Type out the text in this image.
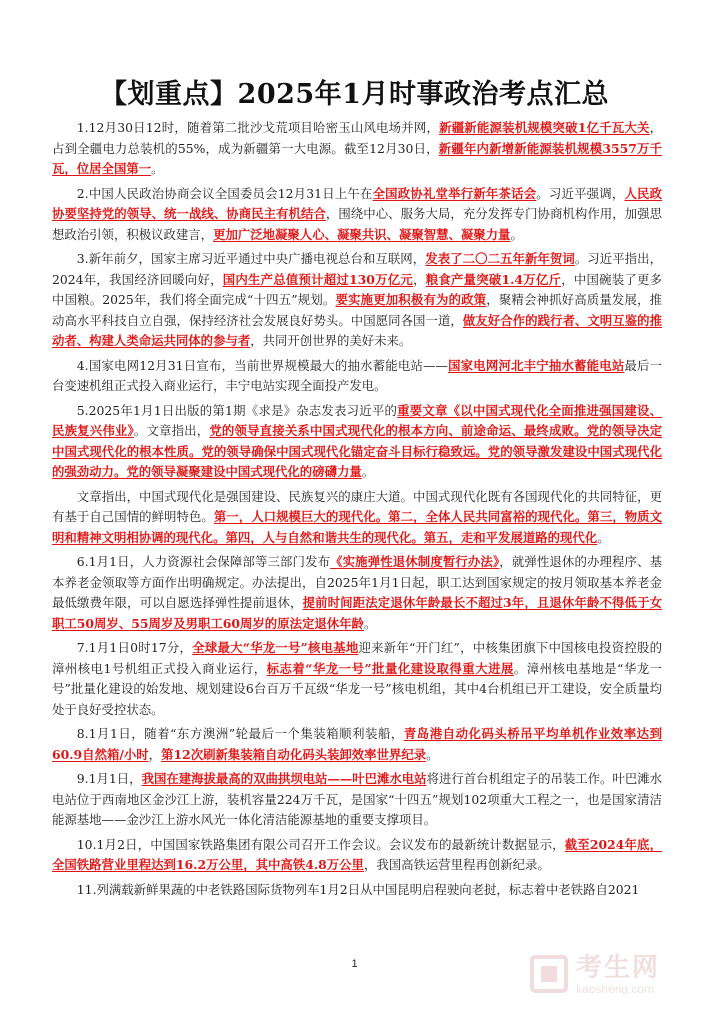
【划重点】2025年1月时事政治考点汇总

1.12月30日12时，随着第二批沙戈荒项目哈密玉山风电场并网，新疆新能源装机规模突破1亿千瓦大关，占到全疆电力总装机的55%，成为新疆第一大电源。截至12月30日，新疆年内新增新能源装机规模3557万千瓦，位居全国第一。

2.中国人民政治协商会议全国委员会12月31日上午在全国政协礼堂举行新年茶话会。习近平强调，人民政协要坚持党的领导、统一战线、协商民主有机结合，围绕中心、服务大局，充分发挥专门协商机构作用，加强思想政治引领，积极议政建言，更加广泛地凝聚人心、凝聚共识、凝聚智慧、凝聚力量。

3.新年前夕，国家主席习近平通过中央广播电视总台和互联网，发表了二〇二五年新年贺词。习近平指出，2024年，我国经济回暖向好，国内生产总值预计超过130万亿元，粮食产量突破1.4万亿斤，中国碗装了更多中国粮。2025年，我们将全面完成“十四五”规划。要实施更加积极有为的政策，聚精会神抓好高质量发展，推动高水平科技自立自强，保持经济社会发展良好势头。中国愿同各国一道，做友好合作的践行者、文明互鉴的推动者、构建人类命运共同体的参与者，共同开创世界的美好未来。

4.国家电网12月31日宣布，当前世界规模最大的抽水蓄能电站——国家电网河北丰宁抽水蓄能电站最后一台变速机组正式投入商业运行，丰宁电站实现全面投产发电。

5.2025年1月1日出版的第1期《求是》杂志发表习近平的重要文章《以中国式现代化全面推进强国建设、民族复兴伟业》。文章指出，党的领导直接关系中国式现代化的根本方向、前途命运、最终成败。党的领导决定中国式现代化的根本性质。党的领导确保中国式现代化锚定奋斗目标行稳致远。党的领导激发建设中国式现代化的强劲动力。党的领导凝聚建设中国式现代化的磅礴力量。

文章指出，中国式现代化是强国建设、民族复兴的康庄大道。中国式现代化既有各国现代化的共同特征，更有基于自己国情的鲜明特色。第一，人口规模巨大的现代化。第二，全体人民共同富裕的现代化。第三，物质文明和精神文明相协调的现代化。第四，人与自然和谐共生的现代化。第五，走和平发展道路的现代化。

6.1月1日，人力资源社会保障部等三部门发布《实施弹性退休制度暂行办法》，就弹性退休的办理程序、基本养老金领取等方面作出明确规定。办法提出，自2025年1月1日起，职工达到国家规定的按月领取基本养老金最低缴费年限，可以自愿选择弹性提前退休，提前时间距法定退休年龄最长不超过3年，且退休年龄不得低于女职工50周岁、55周岁及男职工60周岁的原法定退休年龄。

7.1月1日0时17分，全球最大“华龙一号”核电基地迎来新年“开门红”，中核集团旗下中国核电投资控股的漳州核电1号机组正式投入商业运行，标志着“华龙一号”批量化建设取得重大进展。漳州核电基地是“华龙一号”批量化建设的始发地、规划建设6台百万千瓦级“华龙一号”核电机组，其中4台机组已开工建设，安全质量均处于良好受控状态。

8.1月1日，随着“东方澳洲”轮最后一个集装箱顺利装船，青岛港自动化码头桥吊平均单机作业效率达到60.9自然箱/小时，第12次刷新集装箱自动化码头装卸效率世界纪录。

9.1月1日，我国在建海拔最高的双曲拱坝电站——叶巴滩水电站将进行首台机组定子的吊装工作。叶巴滩水电站位于西南地区金沙江上游，装机容量224万千瓦，是国家“十四五”规划102项重大工程之一，也是国家清洁能源基地——金沙江上游水风光一体化清洁能源基地的重要支撑项目。

10.1月2日，中国国家铁路集团有限公司召开工作会议。会议发布的最新统计数据显示，截至2024年底，全国铁路营业里程达到16.2万公里，其中高铁4.8万公里，我国高铁运营里程再创新纪录。

11.列满载新鲜果蔬的中老铁路国际货物列车1月2日从中国昆明启程驶向老挝，标志着中老铁路自2021

1	考生网
kaosheng.com
